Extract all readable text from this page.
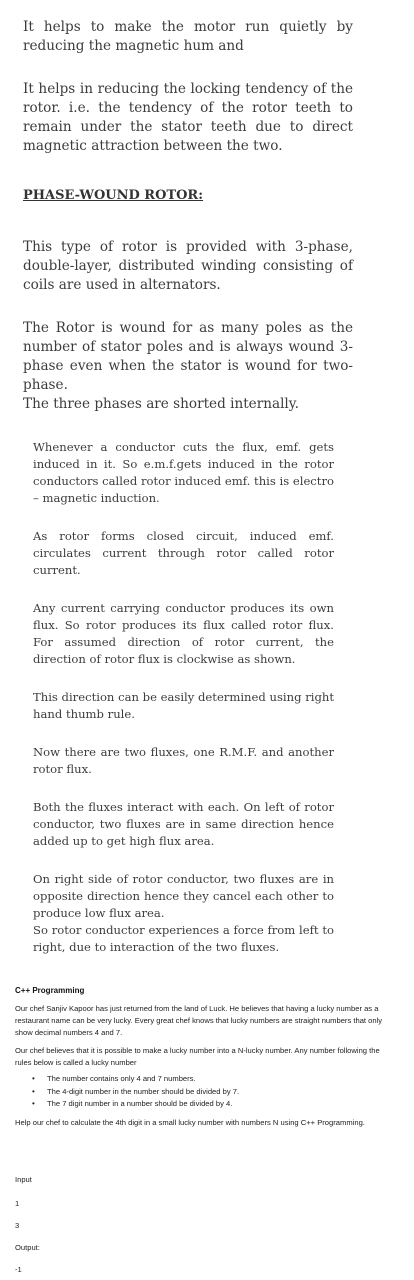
It helps to make the motor run quietly by reducing the magnetic hum and

It helps in reducing the locking tendency of the rotor. i.e. the tendency of the rotor teeth to remain under the stator teeth due to direct magnetic attraction between the two.

PHASE-WOUND ROTOR:

This type of rotor is provided with 3-phase, double-layer, distributed winding consisting of coils are used in alternators.

The Rotor is wound for as many poles as the number of stator poles and is always wound 3-phase even when the stator is wound for two-phase.

The three phases are shorted internally.

Whenever a conductor cuts the flux, emf. gets induced in it. So e.m.f.gets induced in the rotor conductors called rotor induced emf. this is electro – magnetic induction.

As rotor forms closed circuit, induced emf. circulates current through rotor called rotor current.

Any current carrying conductor produces its own flux. So rotor produces its flux called rotor flux. For assumed direction of rotor current, the direction of rotor flux is clockwise as shown.

This direction can be easily determined using right hand thumb rule.

Now there are two fluxes, one R.M.F. and another rotor flux.

Both the fluxes interact with each. On left of rotor conductor, two fluxes are in same direction hence added up to get high flux area.

On right side of rotor conductor, two fluxes are in opposite direction hence they cancel each other to produce low flux area.

So rotor conductor experiences a force from left to right, due to interaction of the two fluxes.

C++ Programming

Our chef Sanjiv Kapoor has just returned from the land of Luck. He believes that having a lucky number as a restaurant name can be very lucky. Every great chef knows that lucky numbers are straight numbers that only show decimal numbers 4 and 7.

Our chef believes that it is possible to make a lucky number into a N-lucky number. Any number following the rules below is called a lucky number

• The number contains only 4 and 7 numbers.
• The 4-digit number in the number should be divided by 7.
• The 7 digit number in a number should be divided by 4.

Help our chef to calculate the 4th digit in a small lucky number with numbers N using C++ Programming.

Input

1

3

Output:

-1
